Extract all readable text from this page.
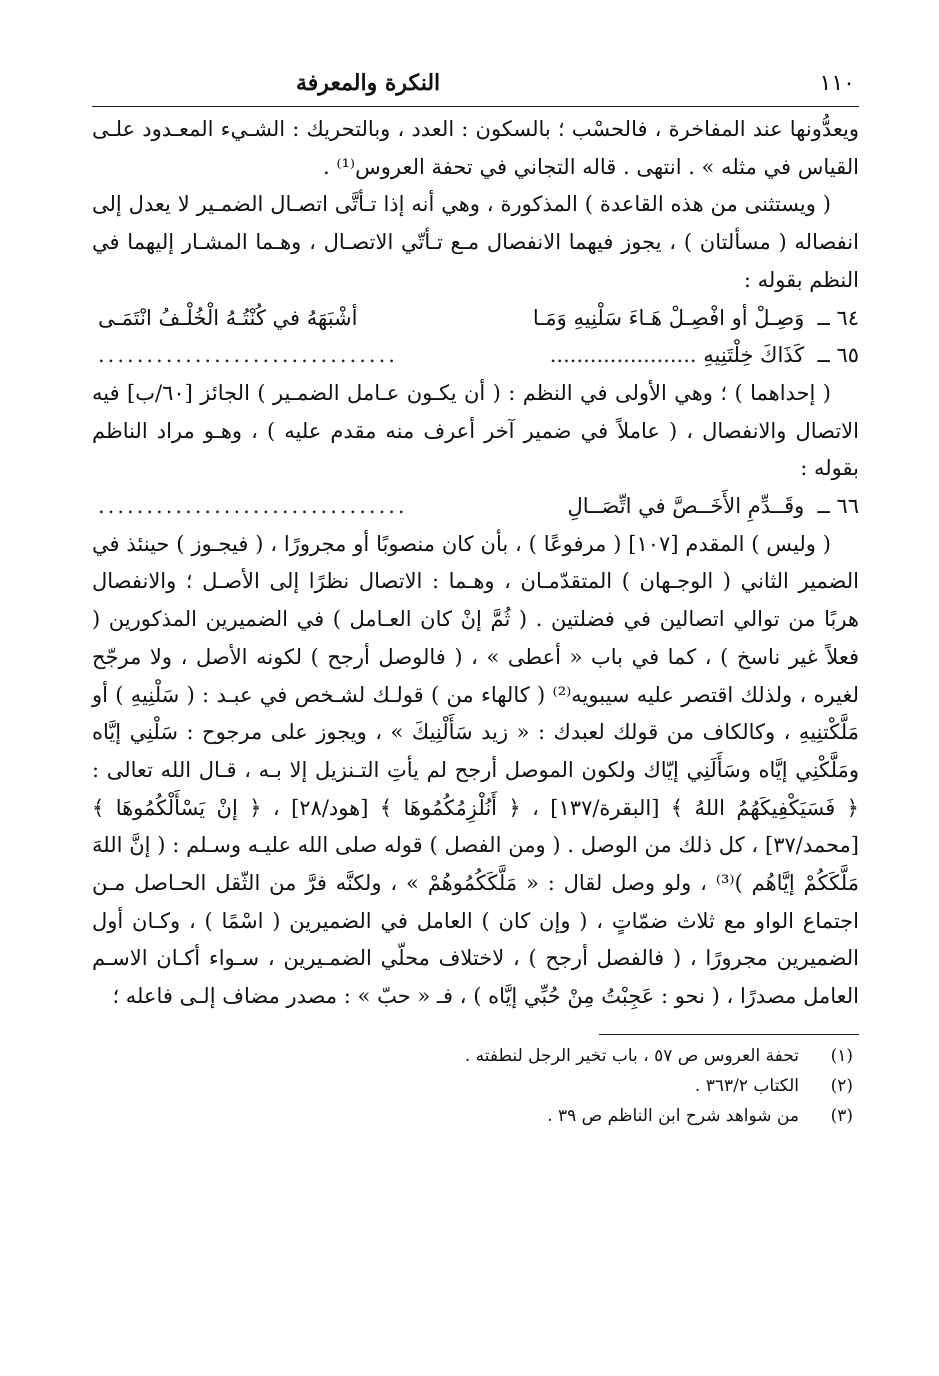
١١٠
النكرة والمعرفة

ويعدُّونها عند المفاخرة ، فالحسْب ؛ بالسكون : العدد ، وبالتحريك : الشـيء المعـدود علـى القياس في مثله » . انتهى . قاله التجاني في تحفة العروس⁽¹⁾ .

( ويستثنى من هذه القاعدة ) المذكورة ، وهي أنه إذا تـأتَّى اتصـال الضمـير لا يعدل إلى انفصاله ( مسألتان ) ، يجوز فيهما الانفصال مـع تـأتّي الاتصـال ، وهـما المشـار إليهما في النظم بقوله :

٦٤ ــ وَصِـلْ أو افْصِـلْ هَـاءَ سَلْنِيهِ وَمَـا
أشْبَهَهُ في كُنْتُـهُ الْخُلْـفُ انْتَمَـى
٦٥ ــ كَذَاكَ خِلْتَنِيهِ ......................
...............................

( إحداهما ) ؛ وهي الأولى في النظم : ( أن يكـون عـامل الضمـير ) الجائز [٦٠/ب] فيه الاتصال والانفصال ، ( عاملاً في ضمير آخر أعرف منه مقدم عليه ) ، وهـو مراد الناظم بقوله :

٦٦ ــ وقَــدِّمِ الأَخَــصَّ في اتِّصَــالِ
................................

( وليس ) المقدم [١٠٧] ( مرفوعًا ) ، بأن كان منصوبًا أو مجرورًا ، ( فيجـوز ) حينئذ في الضمير الثاني ( الوجـهان ) المتقدّمـان ، وهـما : الاتصال نظرًا إلى الأصـل ؛ والانفصال هربًا من توالي اتصالين في فضلتين . ( ثُمَّ إنْ كان العـامل ) في الضميرين المذكورين ( فعلاً غير ناسخ ) ، كما في باب « أعطى » ، ( فالوصل أرجح ) لكونه الأصل ، ولا مرجّح لغيره ، ولذلك اقتصر عليه سيبويه⁽²⁾ ( كالهاء من ) قولـك لشـخص في عبـد : ( سَلْنِيهِ ) أو مَلَّكْتنِيهِ ، وكالكاف من قولك لعبدك : « زيد سَأَلْنِيكَ » ، ويجوز على مرجوح : سَلْنِي إيَّاه ومَلَّكْنِي إيَّاه وسَأَلَنِي إيّاك ولكون الموصل أرجح لم يأتِ التـنزيل إلا بـه ، قـال الله تعالى : ﴿ فَسَيَكْفِيكَهُمُ اللهُ ﴾ [البقرة/١٣٧] ، ﴿ أَنُلْزِمُكُمُوهَا ﴾ [هود/٢٨] ، ﴿ إنْ يَسْأَلْكُمُوهَا ﴾ [محمد/٣٧] ، كل ذلك من الوصل . ( ومن الفصل ) قوله صلى الله عليـه وسـلم : ( إنَّ اللهَ مَلَّكَكُمْ إيَّاهُم )⁽³⁾ ، ولو وصل لقال : « مَلَّكَكُمُوهُمْ » ، ولكنَّه فرَّ من الثّقل الحـاصل مـن اجتماع الواو مع ثلاث ضمّاتٍ ، ( وإن كان ) العامل في الضميرين ( اسْمًا ) ، وكـان أول الضميرين مجرورًا ، ( فالفصل أرجح ) ، لاختلاف محلّي الضمـيرين ، سـواء أكـان الاسـم العامل مصدرًا ، ( نحو : عَجِبْتُ مِنْ حُبِّي إيَّاه ) ، فـ « حبّ » : مصدر مضاف إلـى فاعله ؛

(١)
تحفة العروس ص ٥٧ ، باب تخير الرجل لنطفته .
(٢)
الكتاب ٣٦٣/٢ .
(٣)
من شواهد شرح ابن الناظم ص ٣٩ .
